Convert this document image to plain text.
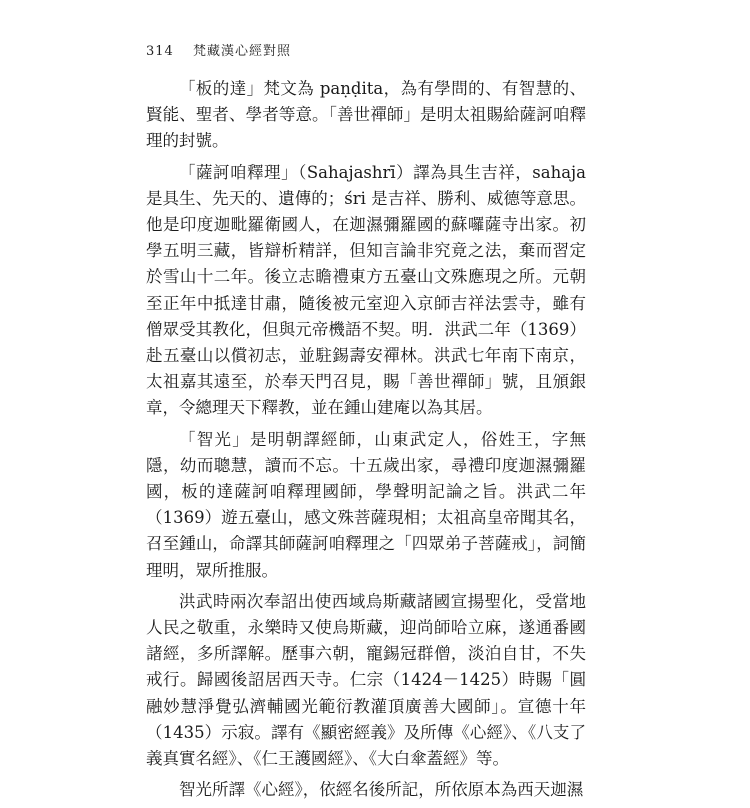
314 梵藏漢心經對照

「板的達」梵文為 paṇḍita，為有學問的、有智慧的、賢能、聖者、學者等意。「善世禪師」是明太祖賜給薩訶咱釋理的封號。

「薩訶咱釋理」（Sahajashrī）譯為具生吉祥，sahaja 是具生、先天的、遺傳的；śri 是吉祥、勝利、威德等意思。他是印度迦毗羅衛國人，在迦濕彌羅國的蘇囉薩寺出家。初學五明三藏，皆辯析精詳，但知言論非究竟之法，棄而習定於雪山十二年。後立志瞻禮東方五臺山文殊應現之所。元朝至正年中抵達甘肅，隨後被元室迎入京師吉祥法雲寺，雖有僧眾受其教化，但與元帝機語不契。明．洪武二年（1369）赴五臺山以償初志，並駐錫壽安禪林。洪武七年南下南京，太祖嘉其遠至，於奉天門召見，賜「善世禪師」號，且頒銀章，令總理天下釋教，並在鍾山建庵以為其居。

「智光」是明朝譯經師，山東武定人，俗姓王，字無隱，幼而聰慧，讀而不忘。十五歲出家，尋禮印度迦濕彌羅國，板的達薩訶咱釋理國師，學聲明記論之旨。洪武二年（1369）遊五臺山，感文殊菩薩現相；太祖高皇帝聞其名，召至鍾山，命譯其師薩訶咱釋理之「四眾弟子菩薩戒」，詞簡理明，眾所推服。

洪武時兩次奉詔出使西域烏斯藏諸國宣揚聖化，受當地人民之敬重，永樂時又使烏斯藏，迎尚師哈立麻，遂通番國諸經，多所譯解。歷事六朝，寵錫冠群僧，淡泊自甘，不失戒行。歸國後詔居西天寺。仁宗（1424－1425）時賜「圓融妙慧淨覺弘濟輔國光範衍教灌頂廣善大國師」。宣德十年（1435）示寂。譯有《顯密經義》及所傳《心經》、《八支了義真實名經》、《仁王護國經》、《大白傘蓋經》等。

智光所譯《心經》，依經名後所記，所依原本為西天迦濕
